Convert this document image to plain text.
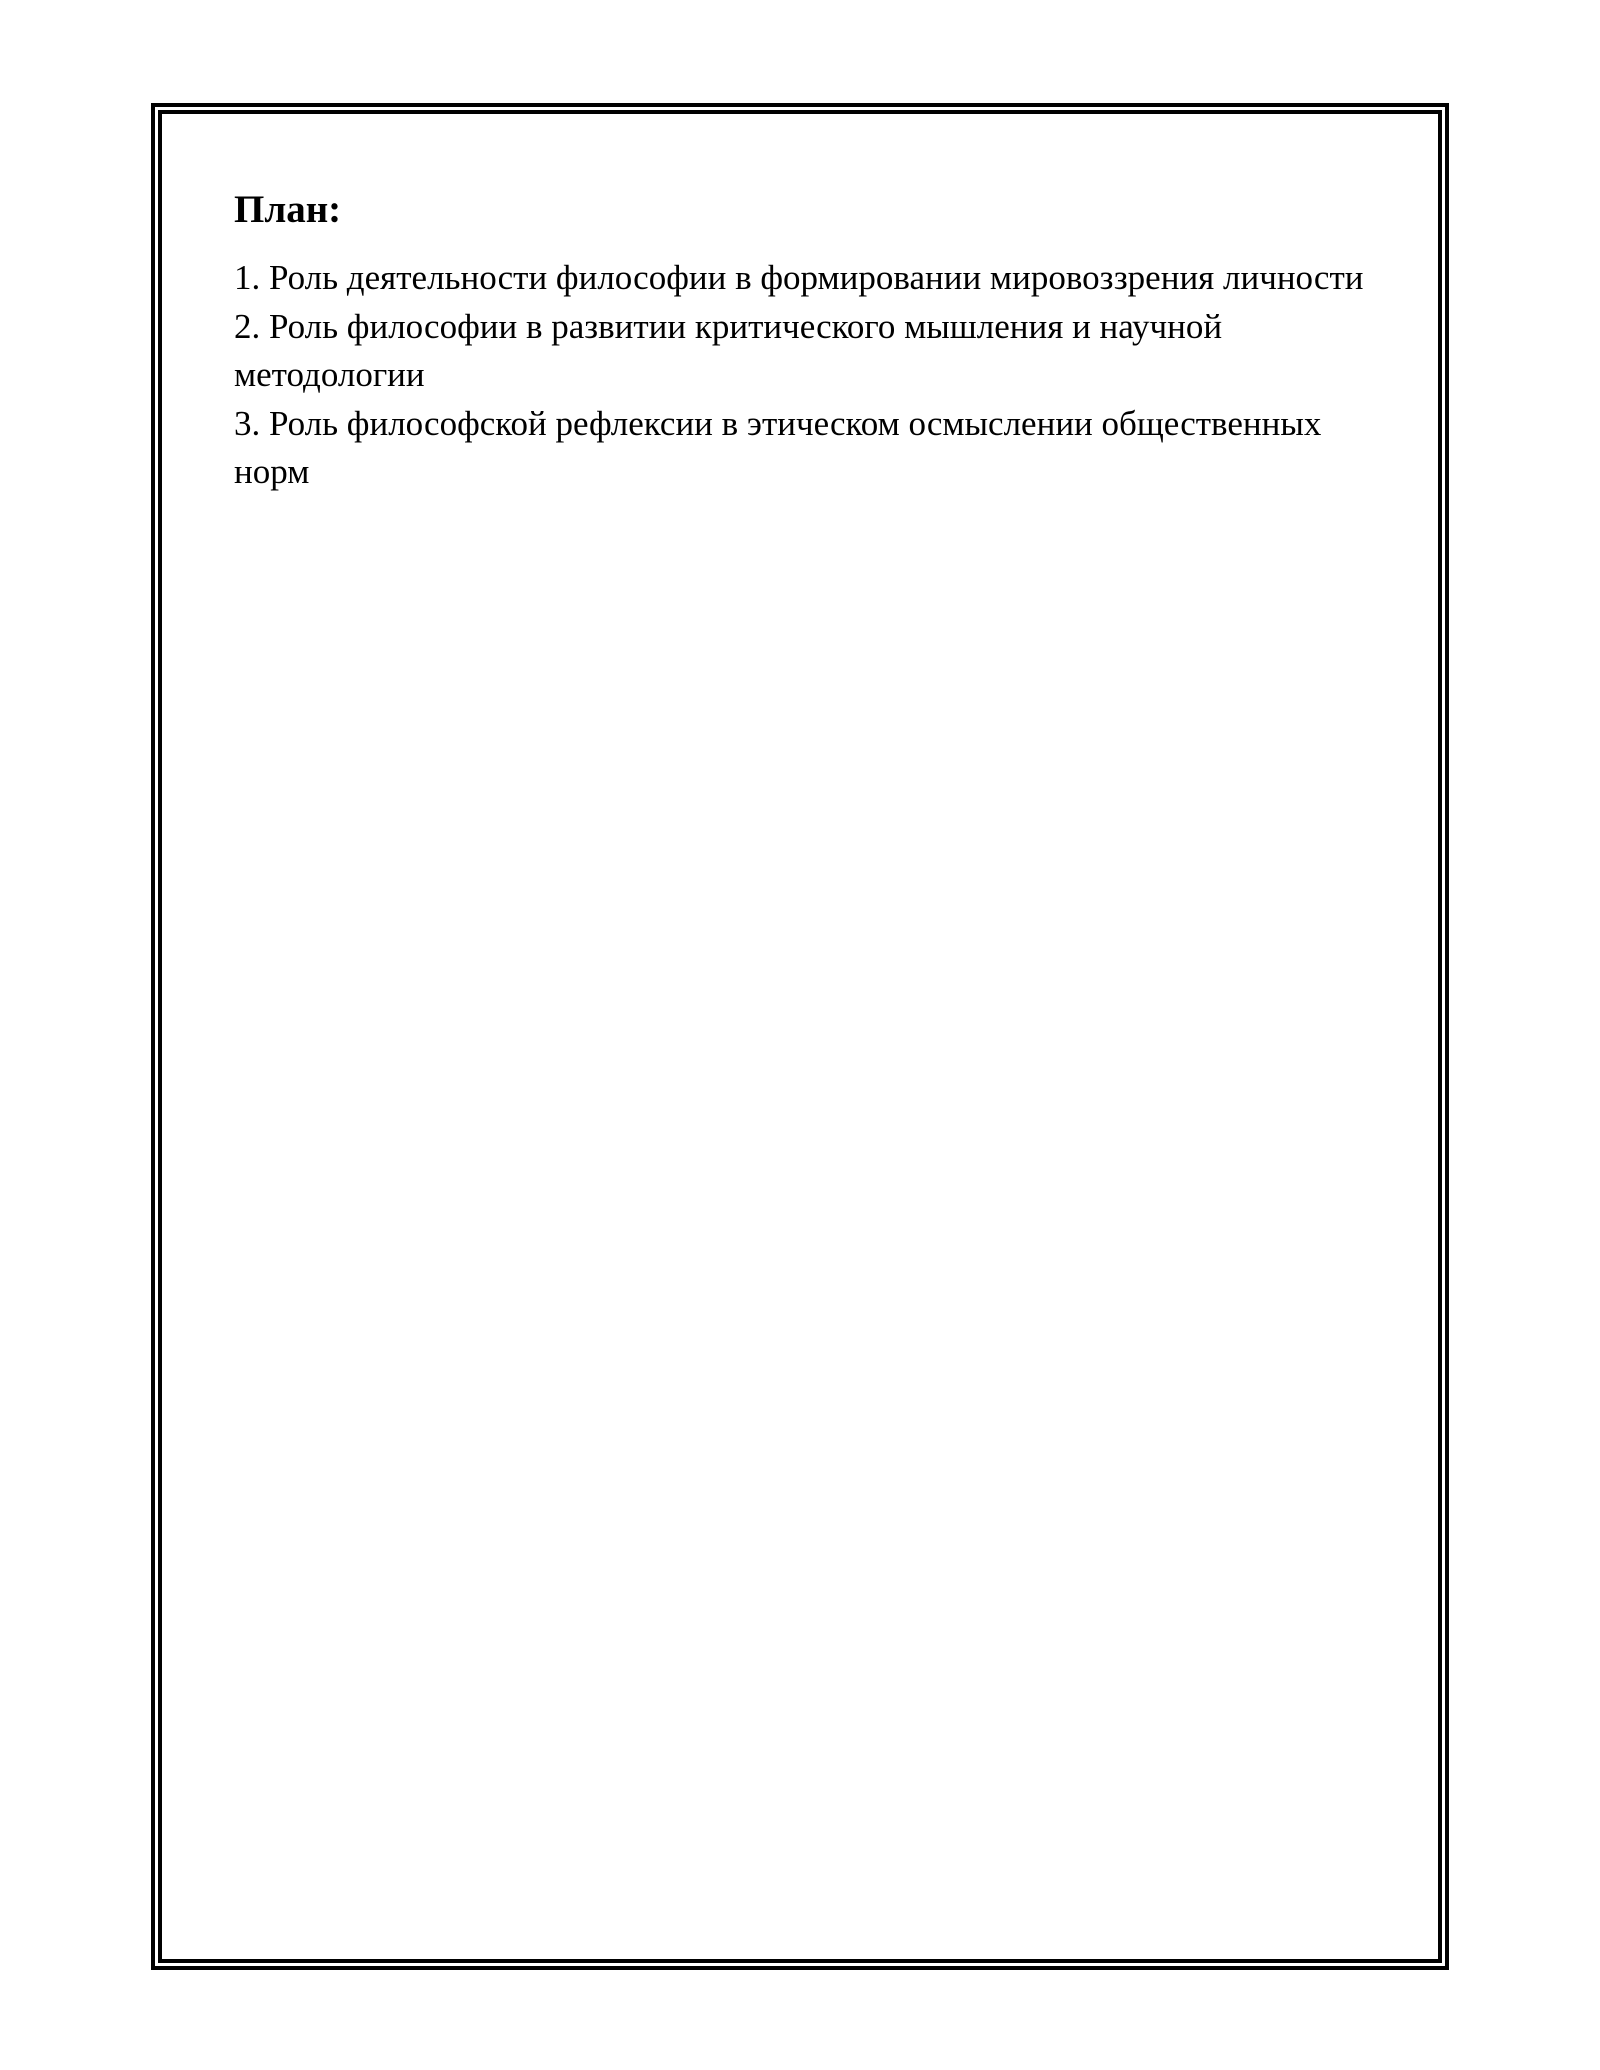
План:
1. Роль деятельности философии в формировании мировоззрения личности
2. Роль философии в развитии критического мышления и научной методологии
3. Роль философской рефлексии в этическом осмыслении общественных норм
